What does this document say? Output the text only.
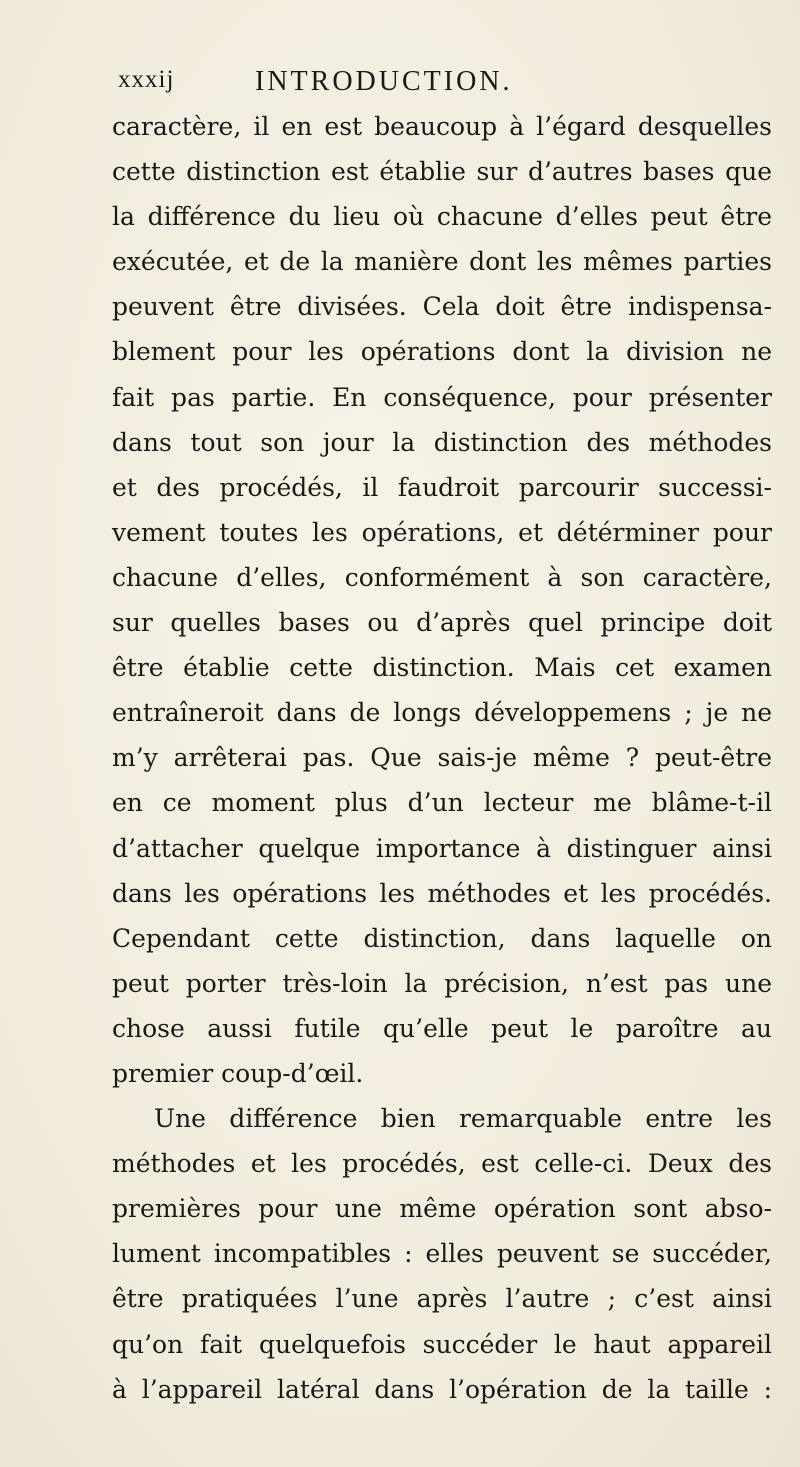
xxxij	INTRODUCTION.
caractère, il en est beaucoup à l’égard desquelles
cette distinction est établie sur d’autres bases que
la différence du lieu où chacune d’elles peut être
exécutée, et de la manière dont les mêmes parties
peuvent être divisées. Cela doit être indispensa-
blement pour les opérations dont la division ne
fait pas partie. En conséquence, pour présenter
dans tout son jour la distinction des méthodes
et des procédés, il faudroit parcourir successi-
vement toutes les opérations, et détérminer pour
chacune d’elles, conformément à son caractère,
sur quelles bases ou d’après quel principe doit
être établie cette distinction. Mais cet examen
entraîneroit dans de longs développemens ; je ne
m’y arrêterai pas. Que sais-je même ? peut-être
en ce moment plus d’un lecteur me blâme-t-il
d’attacher quelque importance à distinguer ainsi
dans les opérations les méthodes et les procédés.
Cependant cette distinction, dans laquelle on
peut porter très-loin la précision, n’est pas une
chose aussi futile qu’elle peut le paroître au
premier coup-d’œil.
Une différence bien remarquable entre les
méthodes et les procédés, est celle-ci. Deux des
premières pour une même opération sont abso-
lument incompatibles : elles peuvent se succéder,
être pratiquées l’une après l’autre ; c’est ainsi
qu’on fait quelquefois succéder le haut appareil
à l’appareil latéral dans l’opération de la taille :
